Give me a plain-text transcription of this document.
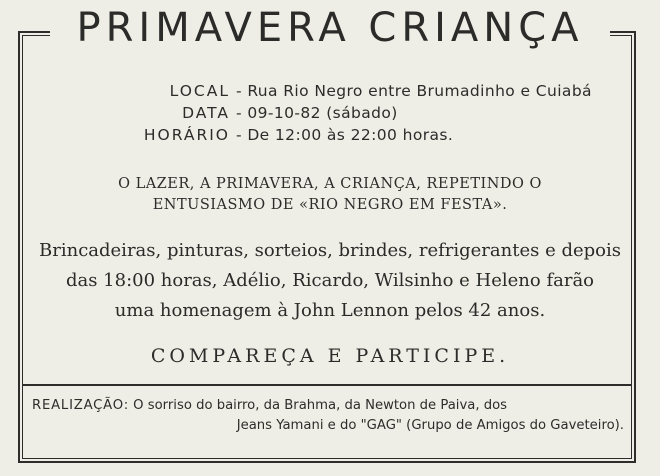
PRIMAVERA CRIANÇA
LOCAL - Rua Rio Negro entre Brumadinho e Cuiabá
DATA - 09-10-82 (sábado)
HORÁRIO - De 12:00 às 22:00 horas.
O LAZER, A PRIMAVERA, A CRIANÇA, REPETINDO O
ENTUSIASMO DE «RIO NEGRO EM FESTA».
Brincadeiras, pinturas, sorteios, brindes, refrigerantes e depois
das 18:00 horas, Adélio, Ricardo, Wilsinho e Heleno farão
uma homenagem à John Lennon pelos 42 anos.
COMPAREÇA E PARTICIPE.
REALIZAÇÃO: O sorriso do bairro, da Brahma, da Newton de Paiva, dos
Jeans Yamani e do "GAG" (Grupo de Amigos do Gaveteiro).
